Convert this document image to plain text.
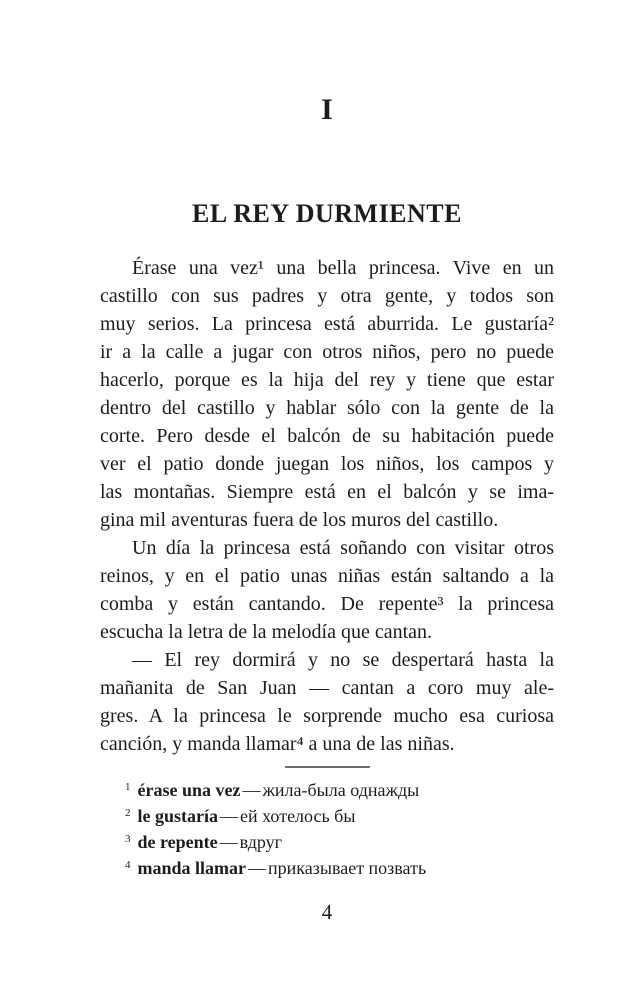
I
EL REY DURMIENTE
Érase una vez¹ una bella princesa. Vive en un
castillo con sus padres y otra gente, y todos son
muy serios. La princesa está aburrida. Le gustaría²
ir a la calle a jugar con otros niños, pero no puede
hacerlo, porque es la hija del rey y tiene que estar
dentro del castillo y hablar sólo con la gente de la
corte. Pero desde el balcón de su habitación puede
ver el patio donde juegan los niños, los campos y
las montañas. Siempre está en el balcón y se ima-
gina mil aventuras fuera de los muros del castillo.
Un día la princesa está soñando con visitar otros
reinos, y en el patio unas niñas están saltando a la
comba y están cantando. De repente³ la princesa
escucha la letra de la melodía que cantan.
— El rey dormirá y no se despertará hasta la
mañanita de San Juan — cantan a coro muy ale-
gres. A la princesa le sorprende mucho esa curiosa
canción, y manda llamar⁴ a una de las niñas.
$^1$ érase una vez — жила-была однажды
$^2$ le gustaría — ей хотелось бы
$^3$ de repente — вдруг
$^4$ manda llamar — приказывает позвать
4
